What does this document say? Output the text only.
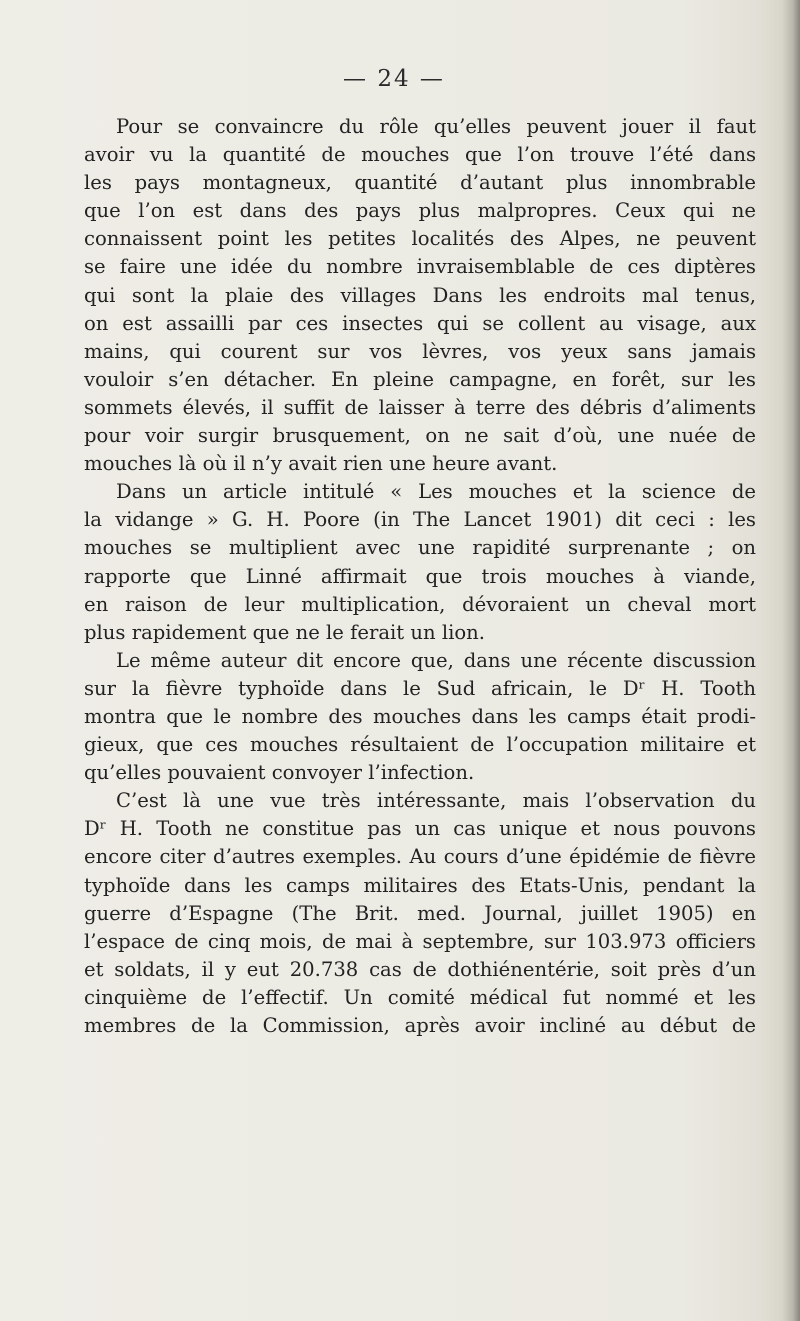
— 24 —
Pour se convaincre du rôle qu’elles peuvent jouer il faut
avoir vu la quantité de mouches que l’on trouve l’été dans
les pays montagneux, quantité d’autant plus innombrable
que l’on est dans des pays plus malpropres. Ceux qui ne
connaissent point les petites localités des Alpes, ne peuvent
se faire une idée du nombre invraisemblable de ces diptères
qui sont la plaie des villages Dans les endroits mal tenus,
on est assailli par ces insectes qui se collent au visage, aux
mains, qui courent sur vos lèvres, vos yeux sans jamais
vouloir s’en détacher. En pleine campagne, en forêt, sur les
sommets élevés, il suffit de laisser à terre des débris d’aliments
pour voir surgir brusquement, on ne sait d’où, une nuée de
mouches là où il n’y avait rien une heure avant.
Dans un article intitulé « Les mouches et la science de
la vidange » G. H. Poore (in The Lancet 1901) dit ceci : les
mouches se multiplient avec une rapidité surprenante ; on
rapporte que Linné affirmait que trois mouches à viande,
en raison de leur multiplication, dévoraient un cheval mort
plus rapidement que ne le ferait un lion.
Le même auteur dit encore que, dans une récente discussion
sur la fièvre typhoïde dans le Sud africain, le Dʳ H. Tooth
montra que le nombre des mouches dans les camps était prodi-
gieux, que ces mouches résultaient de l’occupation militaire et
qu’elles pouvaient convoyer l’infection.
C’est là une vue très intéressante, mais l’observation du
Dʳ H. Tooth ne constitue pas un cas unique et nous pouvons
encore citer d’autres exemples. Au cours d’une épidémie de fièvre
typhoïde dans les camps militaires des Etats-Unis, pendant la
guerre d’Espagne (The Brit. med. Journal, juillet 1905) en
l’espace de cinq mois, de mai à septembre, sur 103.973 officiers
et soldats, il y eut 20.738 cas de dothiénentérie, soit près d’un
cinquième de l’effectif. Un comité médical fut nommé et les
membres de la Commission, après avoir incliné au début de
